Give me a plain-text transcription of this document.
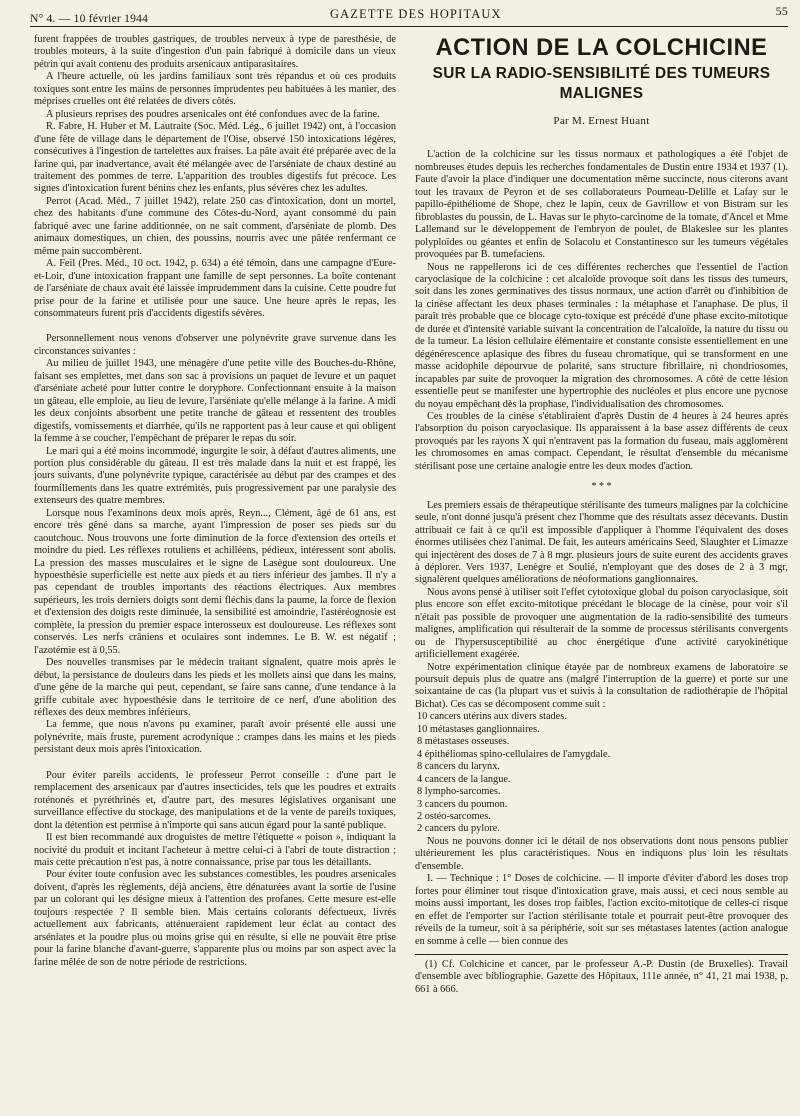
N° 4. — 10 février 1944	GAZETTE DES HOPITAUX	55

furent frappées de troubles gastriques, de troubles nerveux à type de paresthésie, de troubles moteurs, à la suite d'ingestion d'un pain fabriqué à domicile dans un vieux pétrin qui avait contenu des produits arsenicaux antiparasitaires.

A l'heure actuelle, où les jardins familiaux sont très répandus et où ces produits toxiques sont entre les mains de personnes imprudentes peu habituées à les manier, des méprises cruelles ont été relatées de divers côtés.

A plusieurs reprises des poudres arsenicales ont été confondues avec de la farine.

R. Fabre, H. Huber et M. Lautraite (Soc. Méd. Lég., 6 juillet 1942) ont, à l'occasion d'une fête de village dans le département de l'Oise, observé 150 intoxications légères, consécutives à l'ingestion de tartelettes aux fraises. La pâte avait été préparée avec de la farine qui, par inadvertance, avait été mélangée avec de l'arséniate de chaux destiné au traitement des pommes de terre. L'apparition des troubles digestifs fut précoce. Les signes d'intoxication furent bénins chez les enfants, plus sévères chez les adultes.

Perrot (Acad. Méd., 7 juillet 1942), relate 250 cas d'intoxication, dont un mortel, chez des habitants d'une commune des Côtes-du-Nord, ayant consommé du pain fabriqué avec une farine additionnée, on ne sait comment, d'arséniate de plomb. Des animaux domestiques, un chien, des poussins, nourris avec une pâtée renfermant ce même pain succombèrent.

A. Feil (Pres. Méd., 10 oct. 1942, p. 634) a été témoin, dans une campagne d'Eure-et-Loir, d'une intoxication frappant une famille de sept personnes. La boîte contenant de l'arséniate de chaux avait été laissée imprudemment dans la cuisine. Cette poudre fut prise pour de la farine et utilisée pour une sauce. Une heure après le repas, les consommateurs furent pris d'accidents digestifs sévères.

Personnellement nous venons d'observer une polynévrite grave survenue dans les circonstances suivantes :

Au milieu de juillet 1943, une ménagère d'une petite ville des Bouches-du-Rhône, faisant ses emplettes, met dans son sac à provisions un paquet de levure et un paquet d'arséniate acheté pour lutter contre le doryphore. Confectionnant ensuite à la maison un gâteau, elle emploie, au lieu de levure, l'arséniate qu'elle mélange à la farine. A midi les deux conjoints absorbent une petite tranche de gâteau et ressentent des troubles digestifs, vomissements et diarrhée, qu'ils ne rapportent pas à leur cause et qui obligent la femme à se coucher, l'empêchant de préparer le repas du soir.

Le mari qui a été moins incommodé, ingurgite le soir, à défaut d'autres aliments, une portion plus considérable du gâteau. Il est très malade dans la nuit et est frappé, les jours suivants, d'une polynévrite typique, caractérisée au début par des crampes et des fourmillements dans les quatre extrémités, puis progressivement par une paralysie des extenseurs des quatre membres.

Lorsque nous l'examinons deux mois après, Reyn..., Clément, âgé de 61 ans, est encore très gêné dans sa marche, ayant l'impression de poser ses pieds sur du caoutchouc. Nous trouvons une forte diminution de la force d'extension des orteils et moindre du pied. Les réflexes rotuliens et achilléens, pédieux, intéressent sont abolis. La pression des masses musculaires et le signe de Lasègue sont douloureux. Une hypoesthésie superficielle est nette aux pieds et au tiers inférieur des jambes. Il n'y a pas cependant de troubles importants des réactions électriques. Aux membres supérieurs, les trois derniers doigts sont demi fléchis dans la paume, la force de flexion et d'extension des doigts reste diminuée, la sensibilité est amoindrie, l'astéréognosie est complète, la pression du premier espace interosseux est douloureuse. Les réflexes sont conservés. Les nerfs crâniens et oculaires sont indemnes. Le B. W. est négatif ; l'azotémie est à 0,55.

Des nouvelles transmises par le médecin traitant signalent, quatre mois après le début, la persistance de douleurs dans les pieds et les mollets ainsi que dans les mains, d'une gêne de la marche qui peut, cependant, se faire sans canne, d'une tendance à la griffe cubitale avec hypoesthésie dans le territoire de ce nerf, d'une abolition des réflexes des deux membres inférieurs.

La femme, que nous n'avons pu examiner, paraît avoir présenté elle aussi une polynévrite, mais fruste, purement acrodynique : crampes dans les mains et les pieds persistant deux mois après l'intoxication.

Pour éviter pareils accidents, le professeur Perrot conseille : d'une part le remplacement des arsenicaux par d'autres insecticides, tels que les poudres et extraits roténonés et pyréthrinés et, d'autre part, des mesures législatives organisant une surveillance effective du stockage, des manipulations et de la vente de pareils toxiques, dont la détention est permise à n'importe qui sans aucun égard pour la santé publique.

Il est bien recommandé aux droguistes de mettre l'étiquette « poison », indiquant la nocivité du produit et incitant l'acheteur à mettre celui-ci à l'abri de toute distraction ; mais cette précaution n'est pas, à notre connaissance, prise par tous les détaillants.

Pour éviter toute confusion avec les substances comestibles, les poudres arsenicales doivent, d'après les règlements, déjà anciens, être dénaturées avant la sortie de l'usine par un colorant qui les désigne mieux à l'attention des profanes. Cette mesure est-elle toujours respectée ? Il semble bien. Mais certains colorants défectueux, livrés actuellement aux fabricants, atténueraient rapidement leur éclat au contact des arséniates et la poudre plus ou moins grise qui en résulte, si elle ne pouvait être prise pour la farine blanche d'avant-guerre, s'apparente plus ou moins par son aspect avec la farine mêlée de son de notre période de restrictions.

ACTION DE LA COLCHICINE
SUR LA RADIO-SENSIBILITÉ DES TUMEURS MALIGNES
Par M. Ernest Huant

L'action de la colchicine sur les tissus normaux et pathologiques a été l'objet de nombreuses études depuis les recherches fondamentales de Dustin entre 1934 et 1937 (1). Faute d'avoir la place d'indiquer une documentation même succincte, nous citerons avant tout les travaux de Peyron et de ses collaborateurs Poumeau-Delille et Lafay sur le papillo-épithéliome de Shope, chez le lapin, ceux de Gavrillow et von Bistram sur les fibroblastes du poussin, de L. Havas sur le phyto-carcinome de la tomate, d'Ancel et Mme Lallemand sur le développement de l'embryon de poulet, de Blakeslee sur les plantes polyploïdes ou géantes et enfin de Solacolu et Constantinesco sur les tumeurs végétales provoquées par B. tumefaciens.

Nous ne rappellerons ici de ces différentes recherches que l'essentiel de l'action caryoclasique de la colchicine : cet alcaloïde provoque soit dans les tissus des tumeurs, soit dans les zones germinatives des tissus normaux, une action d'arrêt ou d'inhibition de la cinèse affectant les deux phases terminales : la métaphase et l'anaphase. De plus, il paraît très probable que ce blocage cyto-toxique est précédé d'une phase excito-mitotique de durée et d'intensité variable suivant la concentration de l'alcaloïde, la nature du tissu ou de la tumeur. La lésion cellulaire élémentaire et constante consiste essentiellement en une dégénérescence aplasique des fibres du fuseau chromatique, qui se transforment en une masse acidophile dépourvue de polarité, sans structure fibrillaire, ni chondriosomes, incapables par suite de provoquer la migration des chromosomes. A côté de cette lésion essentielle peut se manifester une hypertrophie des nucléoles et plus encore une pycnose du noyau empêchant dès la prophase, l'individualisation des chromosomes.

Ces troubles de la cinèse s'établiraient d'après Dustin de 4 heures à 24 heures après l'absorption du poison caryoclasique. Ils apparaissent à la base assez différents de ceux provoqués par les rayons X qui n'entravent pas la formation du fuseau, mais agglomèrent les chromosomes en amas compact. Cependant, le résultat d'ensemble du mécanisme stérilisant pose une certaine analogie entre les deux modes d'action.

* * *

Les premiers essais de thérapeutique stérilisante des tumeurs malignes par la colchicine seule, n'ont donné jusqu'à présent chez l'homme que des résultats assez décevants. Dustin attribuait ce fait à ce qu'il est impossible d'appliquer à l'homme l'équivalent des doses énormes utilisées chez l'animal. De fait, les auteurs américains Seed, Slaughter et Limazze qui injectèrent des doses de 7 à 8 mgr. plusieurs jours de suite eurent des accidents graves à déplorer. Vers 1937, Lenègre et Soulié, n'employant que des doses de 2 à 3 mgr, signalèrent quelques améliorations de néoformations ganglionnaires.

Nous avons pensé à utiliser soit l'effet cytotoxique global du poison caryoclasique, soit plus encore son effet excito-mitotique précédant le blocage de la cinèse, pour voir s'il n'était pas possible de provoquer une augmentation de la radio-sensibilité des tumeurs malignes, amplification qui résulterait de la somme de processus stérilisants convergents ou de l'hypersusceptibilité au choc énergétique d'une activité caryokinétique artificiellement exagérée.

Notre expérimentation clinique étayée par de nombreux examens de laboratoire se poursuit depuis plus de quatre ans (malgré l'interruption de la guerre) et porte sur une soixantaine de cas (la plupart vus et suivis à la consultation de radiothérapie de l'hôpital Bichat). Ces cas se décomposent comme suit :

10 cancers utérins aux divers stades.
10 métastases ganglionnaires.
8 métastases osseuses.
4 épithéliomas spino-cellulaires de l'amygdale.
8 cancers du larynx.
4 cancers de la langue.
8 lympho-sarcomes.
3 cancers du poumon.
2 ostéo-sarcomes.
2 cancers du pylore.

Nous ne pouvons donner ici le détail de nos observations dont nous pensons publier ultérieurement les plus caractéristiques. Nous en indiquons plus loin les résultats d'ensemble.

I. — Technique : 1° Doses de colchicine. — Il importe d'éviter d'abord les doses trop fortes pour éliminer tout risque d'intoxication grave, mais aussi, et ceci nous semble au moins aussi important, les doses trop faibles, l'action excito-mitotique de celles-ci risque en effet de l'emporter sur l'action stérilisante totale et pourrait peut-être provoquer des réveils de la tumeur, soit à sa périphérie, soit sur ses métastases latentes (action analogue en somme à celle — bien connue des

(1) Cf. Colchicine et cancer, par le professeur A.-P. Dustin (de Bruxelles). Travail d'ensemble avec bibliographie. Gazette des Hôpitaux, 111e année, n° 41, 21 mai 1938, p. 661 à 666.
